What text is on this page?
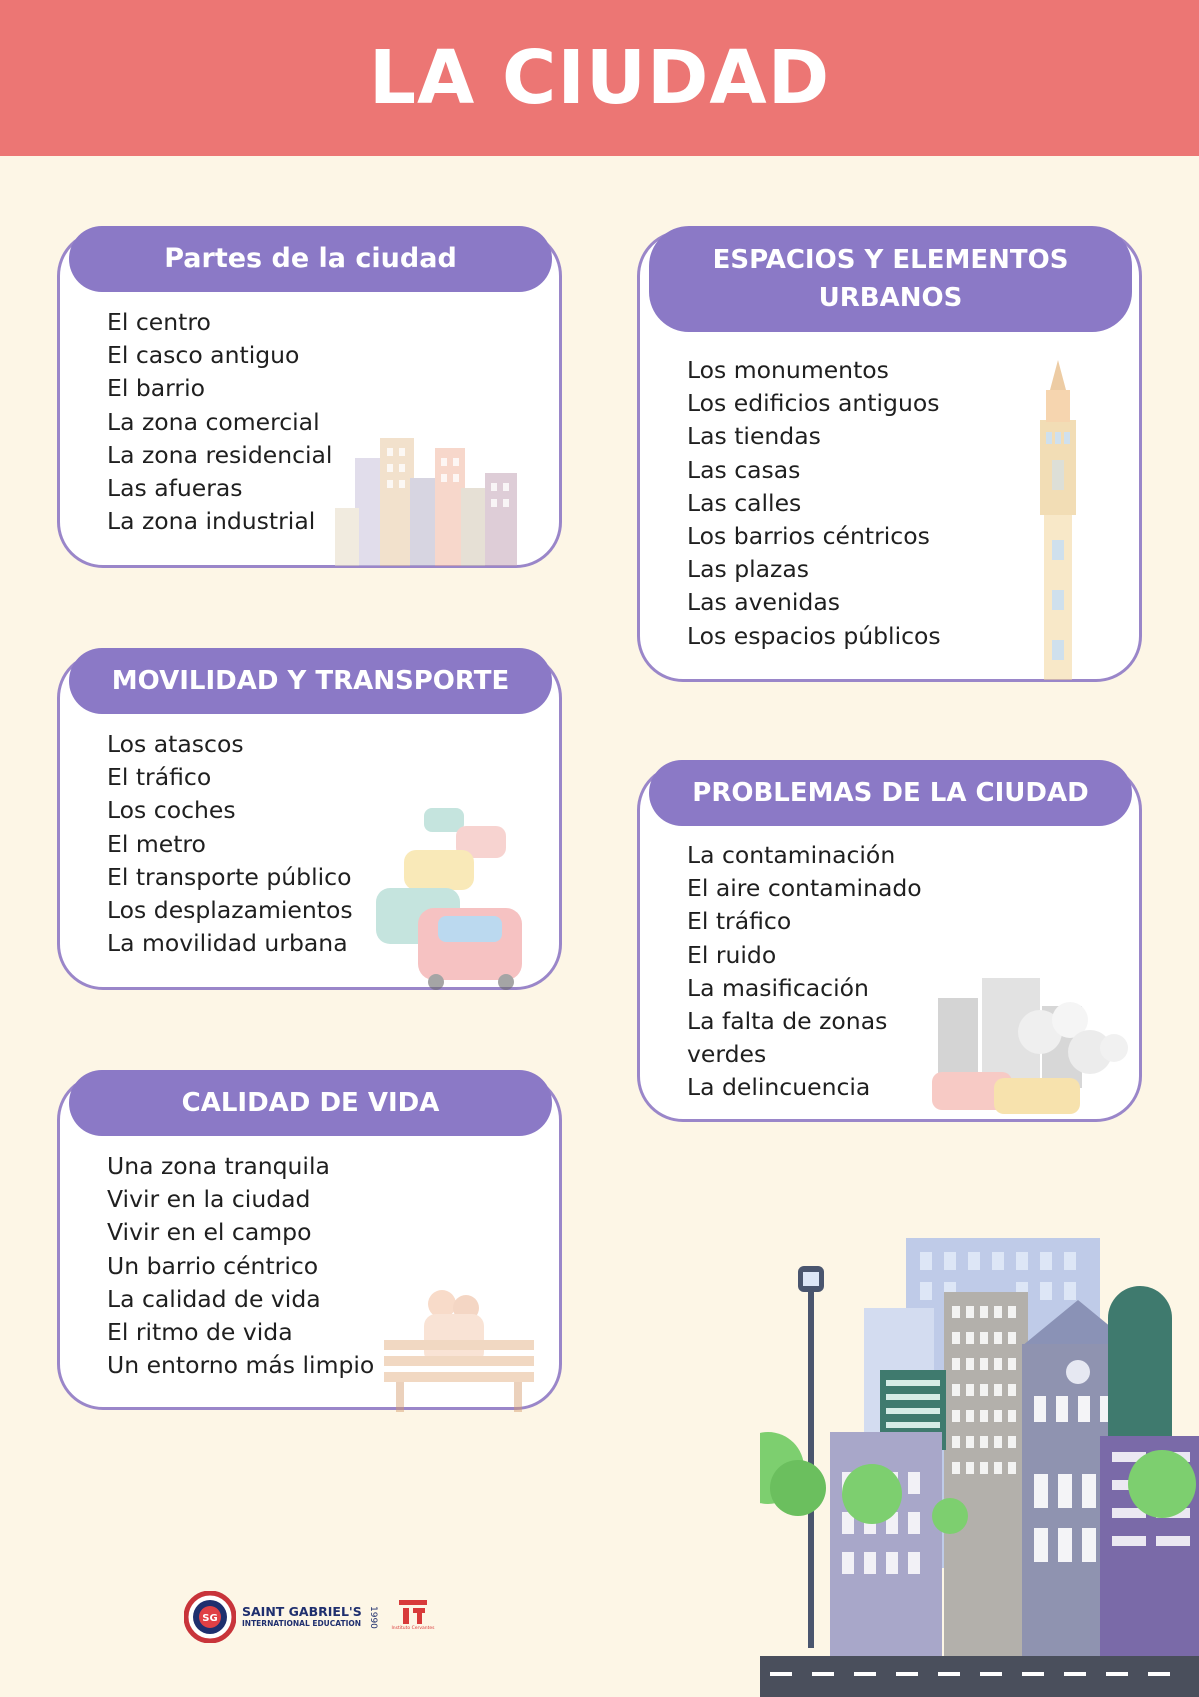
LA CIUDAD
Partes de la ciudad
El centro
El casco antiguo
El barrio
La zona comercial
La zona residencial
Las afueras
La zona industrial
ESPACIOS Y ELEMENTOS
URBANOS
Los monumentos
Los edificios antiguos
Las tiendas
Las casas
Las calles
Los barrios céntricos
Las plazas
Las avenidas
Los espacios públicos
MOVILIDAD Y TRANSPORTE
Los atascos
El tráfico
Los coches
El metro
El transporte público
Los desplazamientos
La movilidad urbana
PROBLEMAS DE LA CIUDAD
La contaminación
El aire contaminado
El tráfico
El ruido
La masificación
La falta de zonas
verdes
La delincuencia
CALIDAD DE VIDA
Una zona tranquila
Vivir en la ciudad
Vivir en el campo
Un barrio céntrico
La calidad de vida
El ritmo de vida
Un entorno más limpio
SG SAINT GABRIEL'S
INTERNATIONAL EDUCATION 1990
Instituto Cervantes
